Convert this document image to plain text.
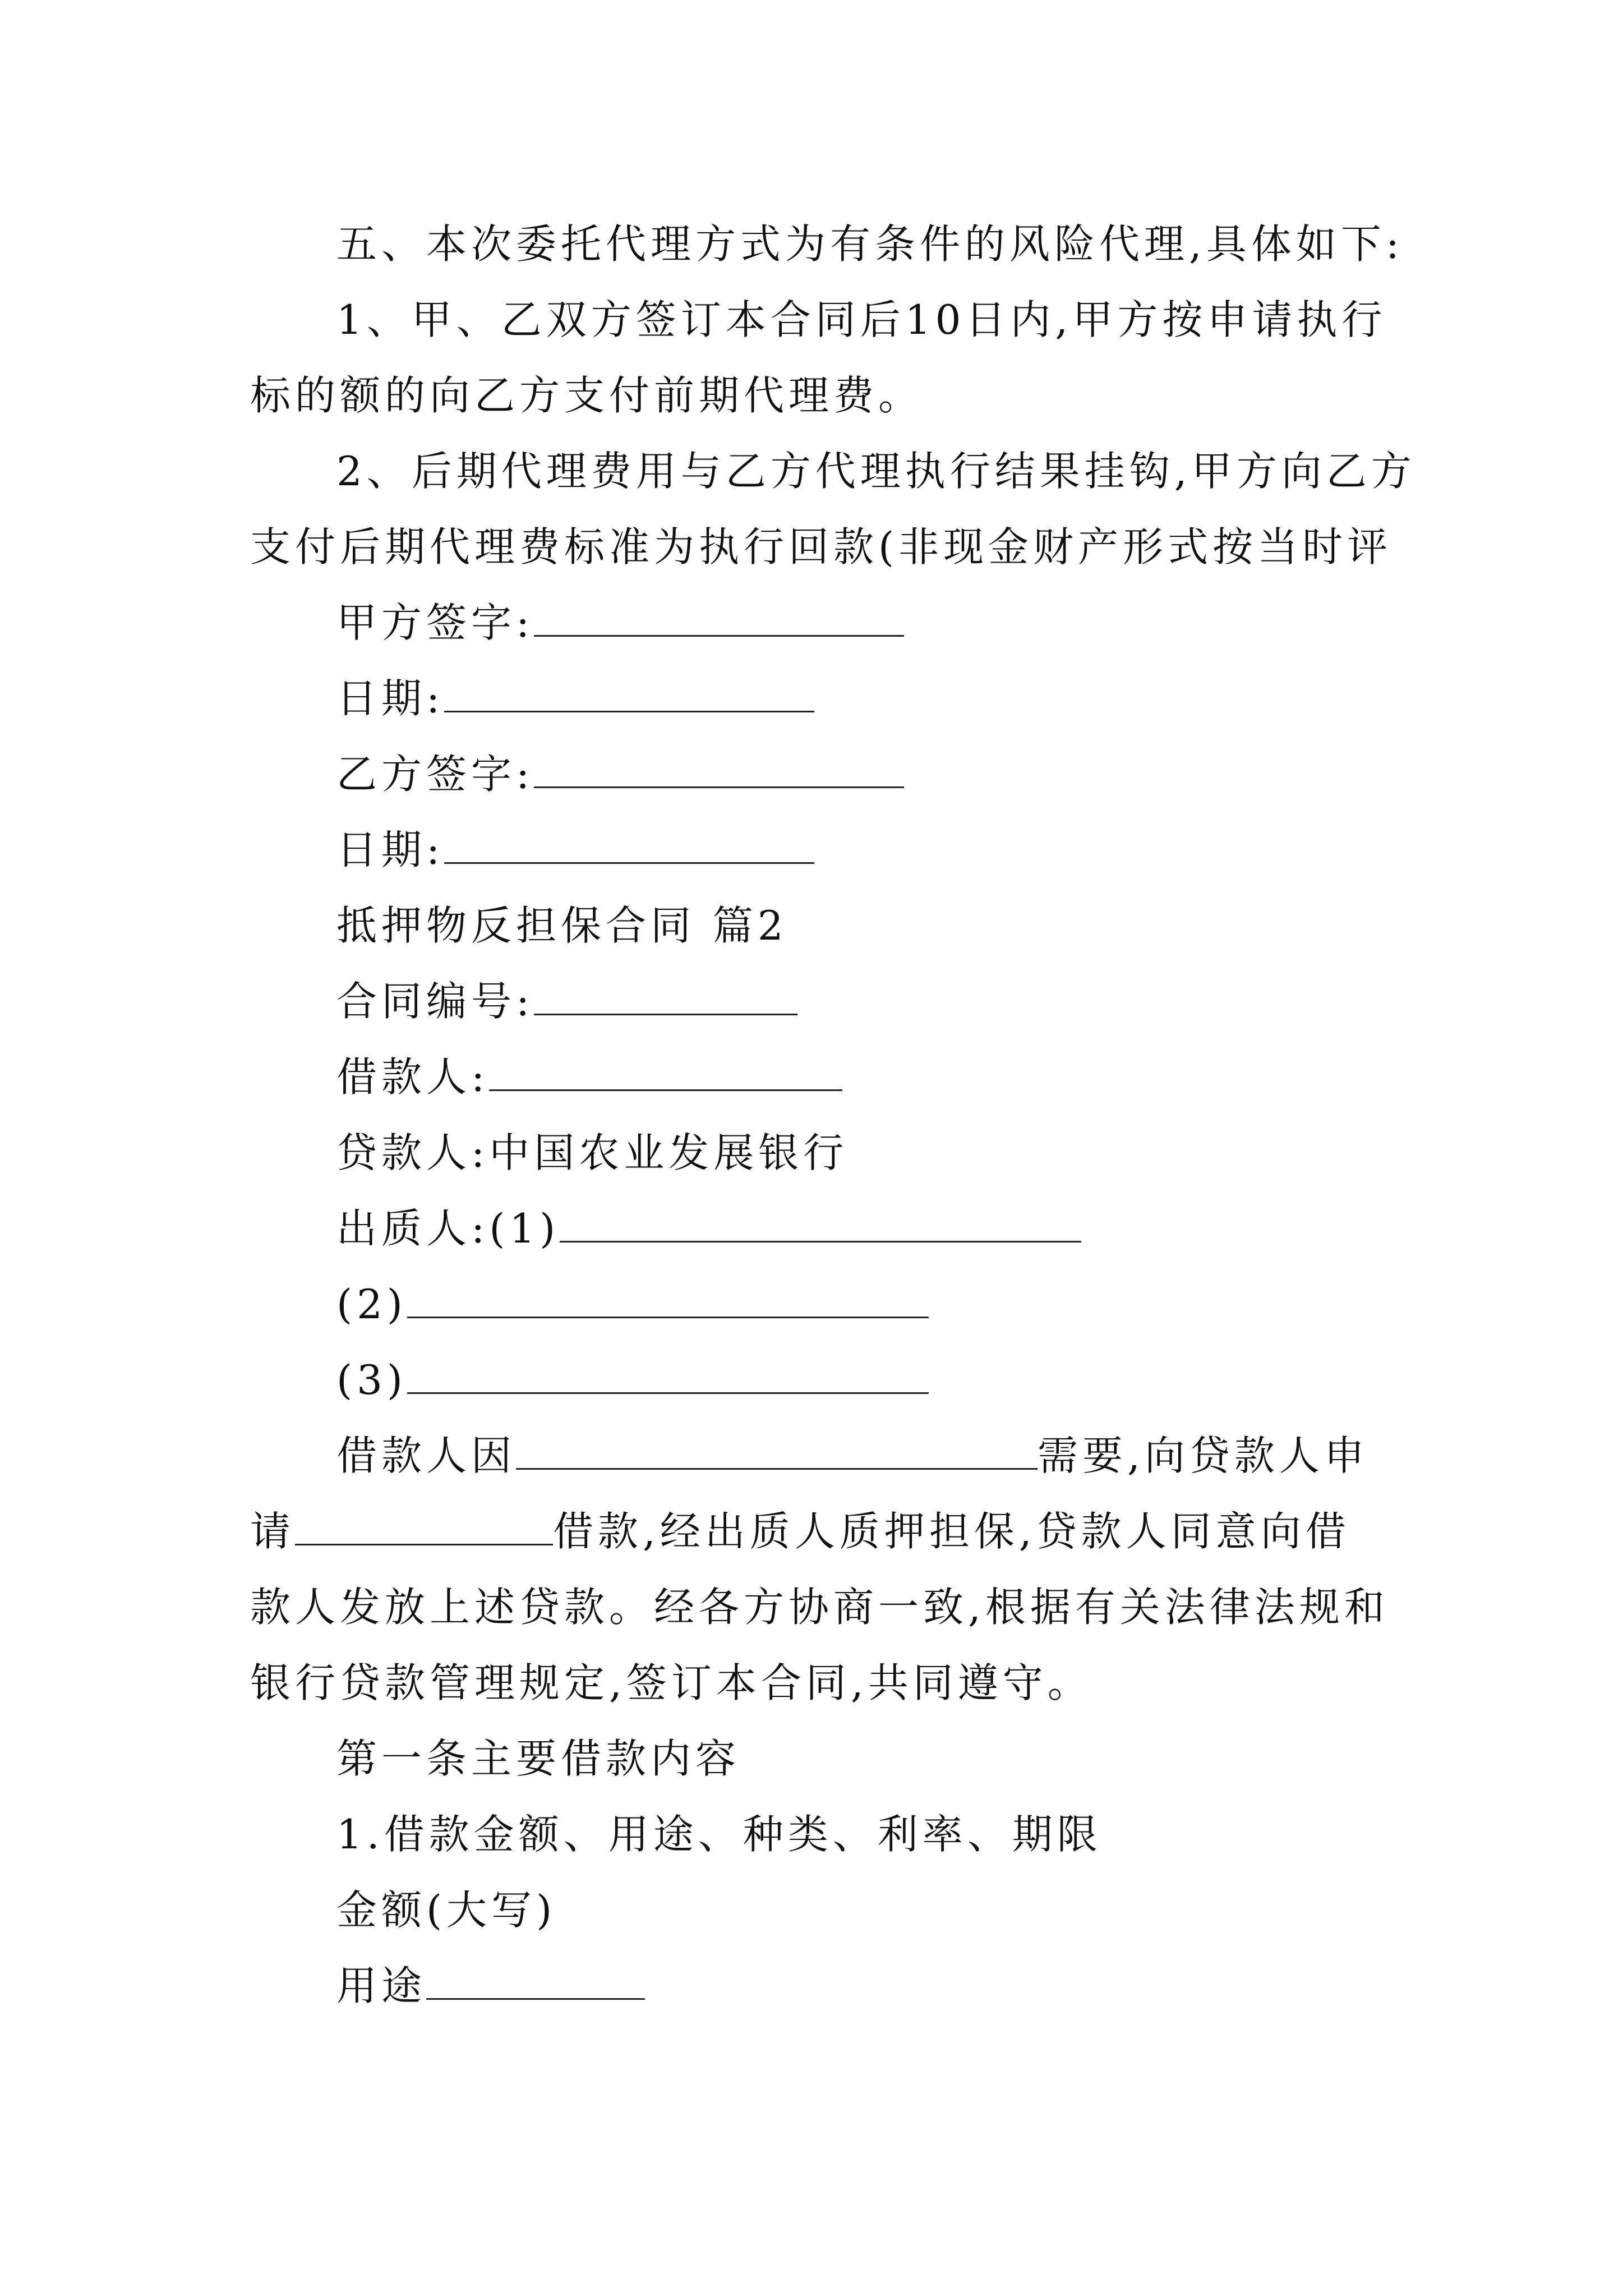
五、本次委托代理方式为有条件的风险代理,具体如下:
1、甲、乙双方签订本合同后10日内,甲方按申请执行
标的额的向乙方支付前期代理费。
2、后期代理费用与乙方代理执行结果挂钩,甲方向乙方
支付后期代理费标准为执行回款(非现金财产形式按当时评
甲方签字:
日期:
乙方签字:
日期:
抵押物反担保合同 篇2
合同编号:
借款人:
贷款人:中国农业发展银行
出质人:(1)
(2)
(3)
借款人因	需要,向贷款人申
请	借款,经出质人质押担保,贷款人同意向借
款人发放上述贷款。经各方协商一致,根据有关法律法规和
银行贷款管理规定,签订本合同,共同遵守。
第一条主要借款内容
1.借款金额、用途、种类、利率、期限
金额(大写)
用途
